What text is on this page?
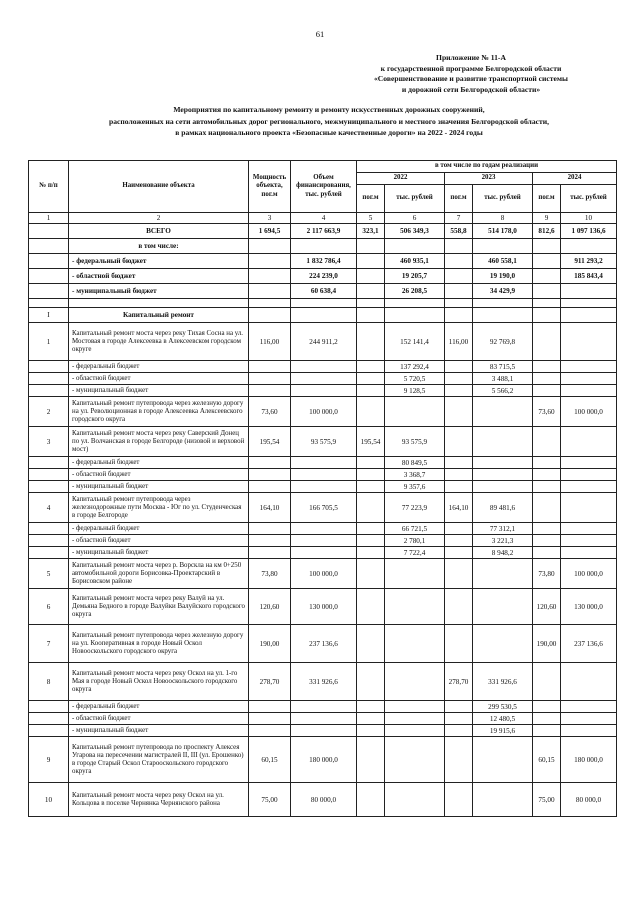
61
Приложение № 11-А
к государственной программе Белгородской области
«Совершенствование и развитие транспортной системы
и дорожной сети Белгородской области»
Мероприятия по капитальному ремонту и ремонту искусственных дорожных сооружений,
расположенных на сети автомобильных дорог регионального, межмуниципального и местного значения Белгородской области,
в рамках национального проекта «Безопасные качественные дороги» на 2022 - 2024 годы
№ п/п	Наименование объекта	Мощность объекта, пог.м	Объем финансирования, тыс. рублей	в том числе по годам реализации					
				2022		2023		2024	
				пог.м	тыс. рублей	пог.м	тыс. рублей	пог.м	тыс. рублей
1	2	3	4	5	6	7	8	9	10
	ВСЕГО	1 694,5	2 117 663,9	323,1	506 349,3	558,8	514 178,0	812,6	1 097 136,6
	в том числе:								
	- федеральный бюджет		1 832 786,4		460 935,1		460 558,1		911 293,2
	- областной бюджет		224 239,0		19 205,7		19 190,0		185 843,4
	- муниципальный бюджет		60 638,4		26 208,5		34 429,9		

I	Капитальный ремонт								
1	Капитальный ремонт моста через реку Тихая Сосна на ул. Мостовая в городе Алексеевка в Алексеевском городском округе	116,00	244 911,2		152 141,4	116,00	92 769,8		
	- федеральный бюджет				137 292,4		83 715,5		
	- областной бюджет				5 720,5		3 488,1		
	- муниципальный бюджет				9 128,5		5 566,2		
2	Капитальный ремонт путепровода через железную дорогу на ул. Революционная в городе Алексеевка Алексеевского городского округа	73,60	100 000,0					73,60	100 000,0
3	Капитальный ремонт моста через реку Саверский Донец по ул. Волчанская в городе Белгороде (низовой и верховой мост)	195,54	93 575,9	195,54	93 575,9				
	- федеральный бюджет				80 849,5				
	- областной бюджет				3 368,7				
	- муниципальный бюджет				9 357,6				
4	Капитальный ремонт путепровода через железнодорожные пути Москва - Юг по ул. Студенческая в городе Белгороде	164,10	166 705,5		77 223,9	164,10	89 481,6		
	- федеральный бюджет				66 721,5		77 312,1		
	- областной бюджет				2 780,1		3 221,3		
	- муниципальный бюджет				7 722,4		8 948,2		
5	Капитальный ремонт моста через р. Ворскла на км 0+250 автомобильной дороги Борисовка-Проектарский в Борисовском районе	73,80	100 000,0					73,80	100 000,0
6	Капитальный ремонт моста через реку Валуй на ул. Демьяна Бедного в городе Валуйки Валуйского городского округа	120,60	130 000,0					120,60	130 000,0
7	Капитальный ремонт путепровода через железную дорогу на ул. Кооперативная в городе Новый Оскол Новооскольского городского округа	190,00	237 136,6					190,00	237 136,6
8	Капитальный ремонт моста через реку Оскол на ул. 1-го Мая в городе Новый Оскол Новооскольского городского округа	278,70	331 926,6			278,70	331 926,6		
	- федеральный бюджет						299 530,5		
	- областной бюджет						12 480,5		
	- муниципальный бюджет						19 915,6		
9	Капитальный ремонт путепровода по проспекту Алексея Угарова на пересечении магистралей II, III (ул. Ерошенко) в городе Старый Оскол Старооскольского городского округа	60,15	180 000,0					60,15	180 000,0
10	Капитальный ремонт моста через реку Оскол на ул. Кольцова в поселке Чернянка Чернянского района	75,00	80 000,0					75,00	80 000,0
